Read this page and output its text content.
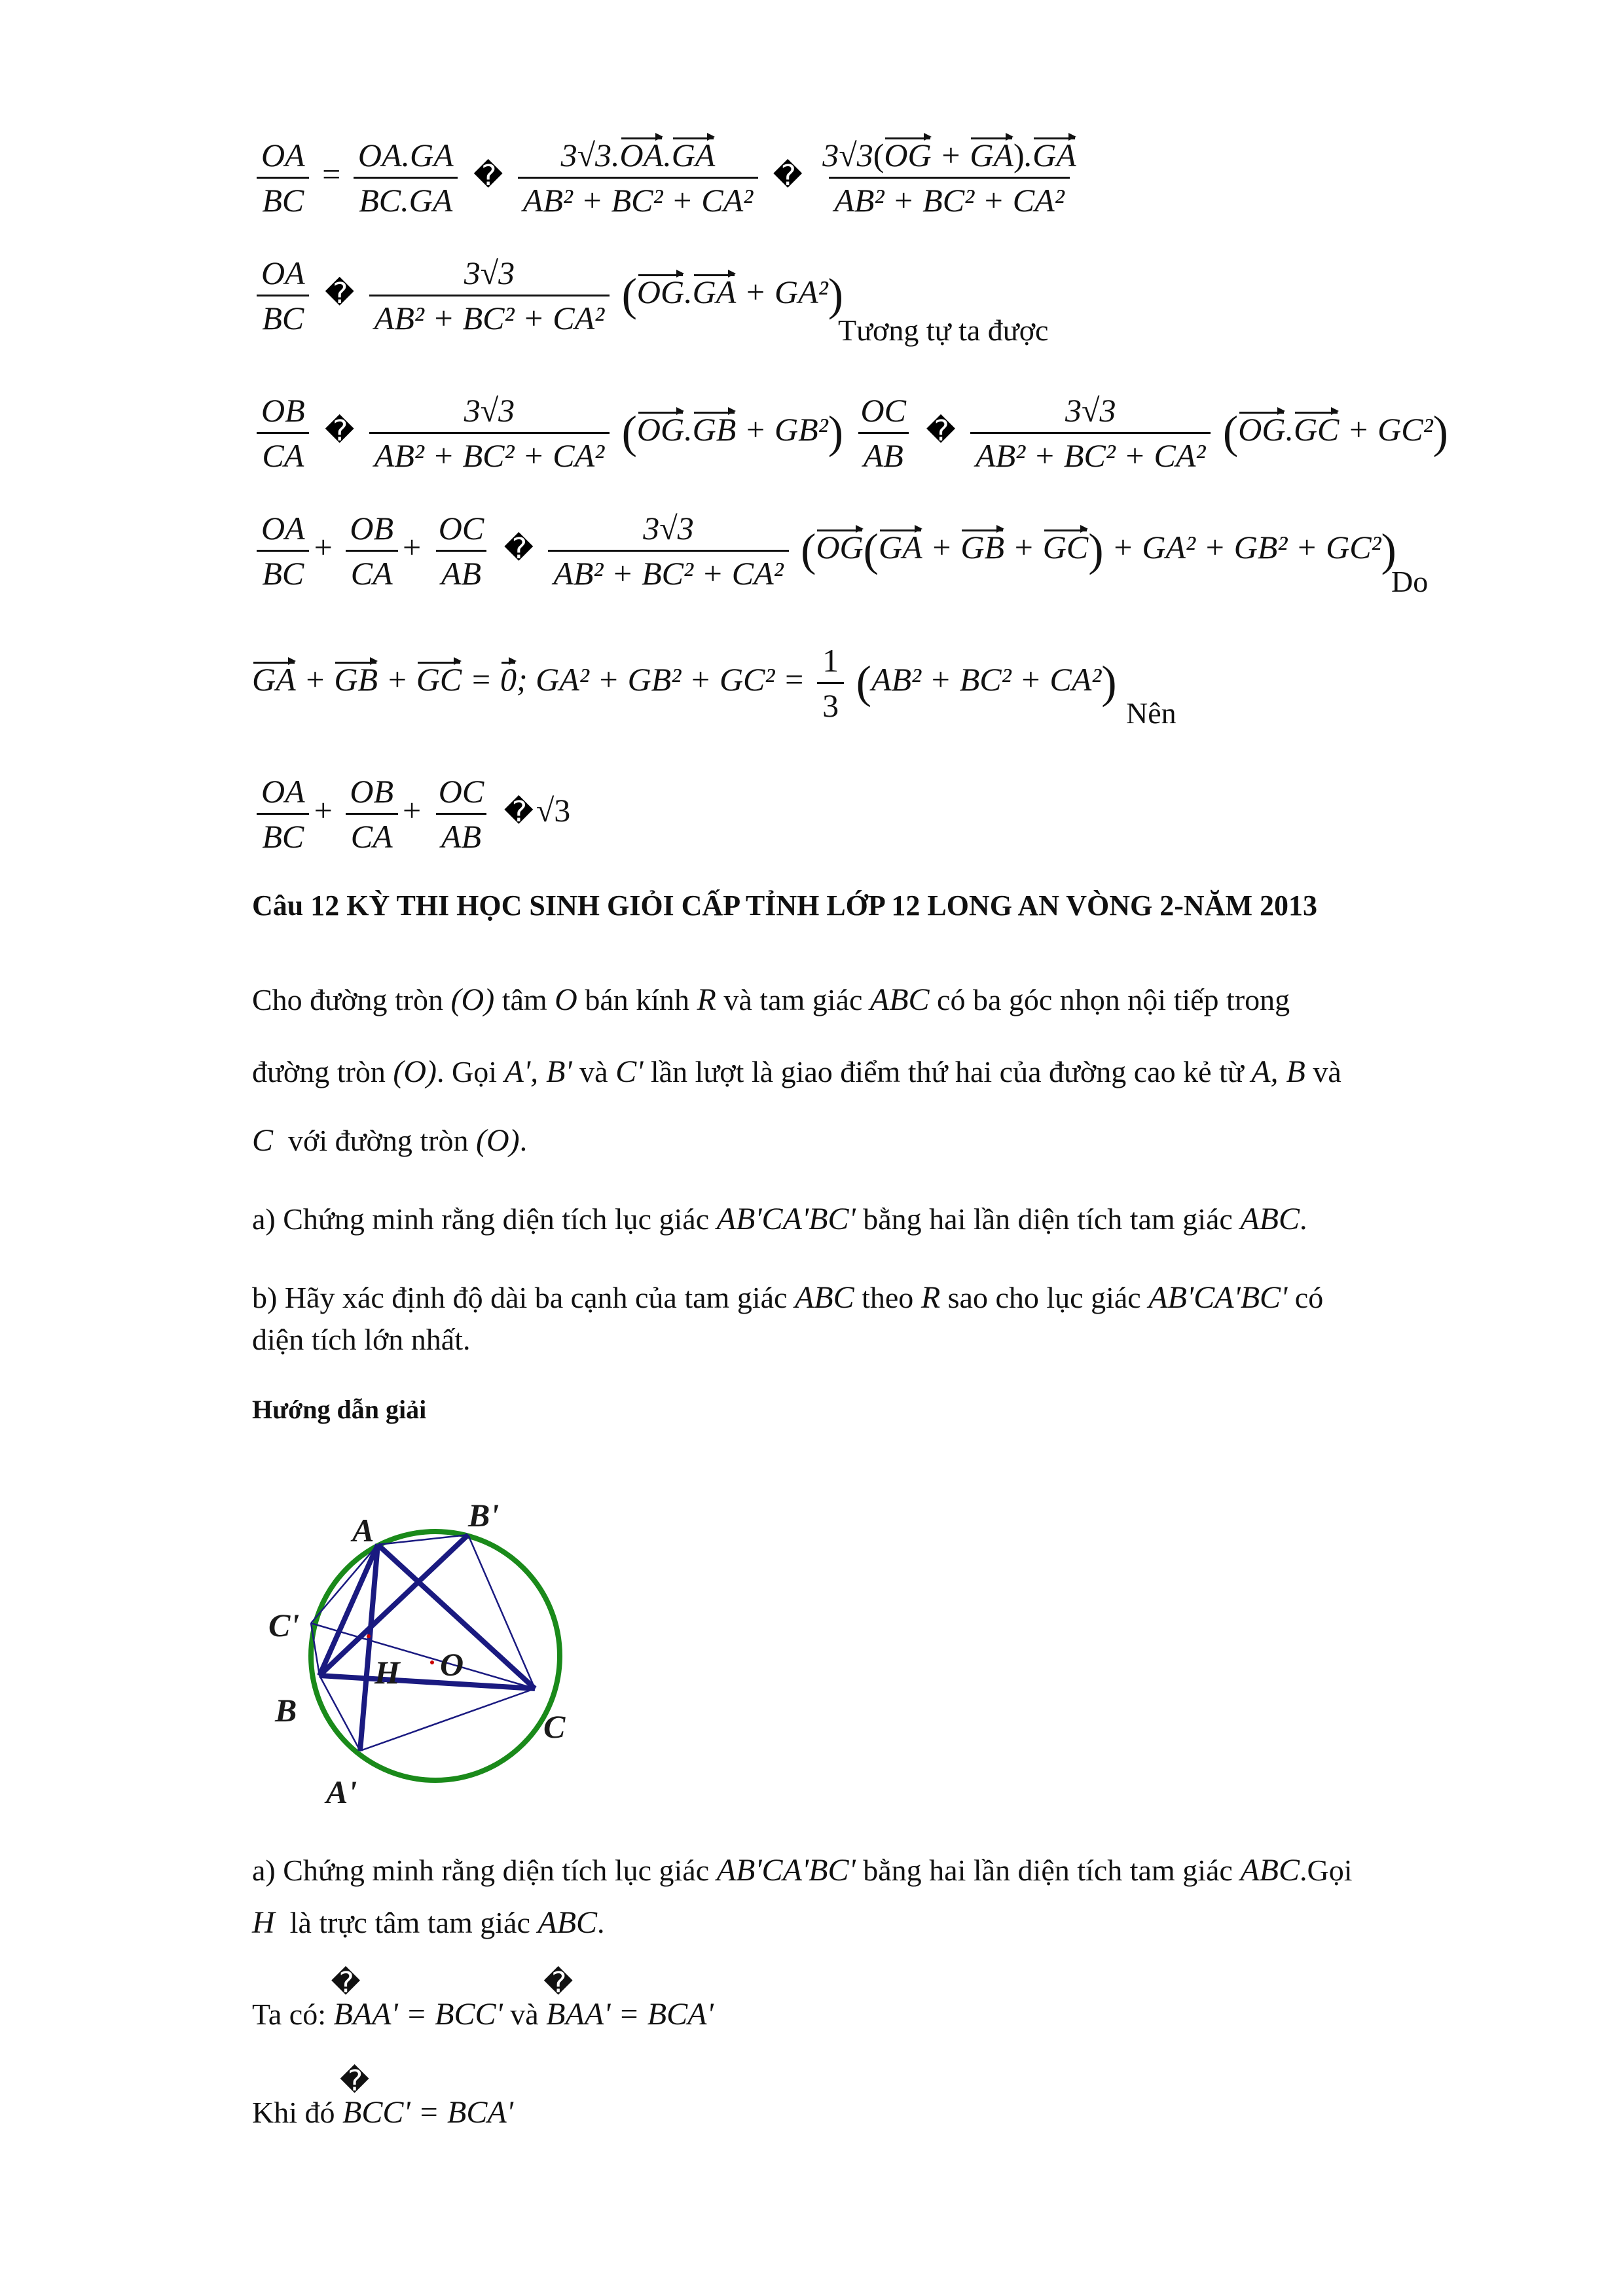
$\frac{OA}{BC} = \frac{OA.GA}{BC.GA}$ � $\frac{3√3.OA.GA}{\text{AB² + BC² + CA²}}$ � $\frac{3√3(OG + GA).GA}{\text{AB² + BC² + CA²}}$
$\frac{OA}{BC}$ � $\frac{3√3}{\text{AB² + BC² + CA²}} (OG.GA + GA^2)$
Tương tự ta được
$\frac{OB}{CA}$ � $\frac{3√3}{\text{AB² + BC² + CA²}} (OG.GB + GB^2) \frac{OC}{AB}$ � $\frac{3√3}{\text{AB² + BC² + CA²}} (OG.GC + GC^2)$
$\frac{OA}{BC} + \frac{OB}{CA} + \frac{OC}{AB}$ � $\frac{3√3}{\text{AB² + BC² + CA²}} (OG(GA$ + GB + GC) + GA² + GB² + GC²)
Do
GA + GB + GC = 0; $GA^2 + GB^2 + GC^2 = \frac{1}{3} (AB^2 + BC^2 + CA^2)$
Nên
$\frac{OA}{BC} + \frac{OB}{CA} + \frac{OC}{AB}$ �√3
Câu 12 KỲ THI HỌC SINH GIỎI CẤP TỈNH LỚP 12 LONG AN VÒNG 2-NĂM 2013
Cho đường tròn (O) tâm O bán kính R và tam giác ABC có ba góc nhọn nội tiếp trong
đường tròn (O). Gọi A', B' và C' lần lượt là giao điểm thứ hai của đường cao kẻ từ A, B và
C với đường tròn (O).
a) Chứng minh rằng diện tích lục giác AB'CA'BC' bằng hai lần diện tích tam giác ABC.
b) Hãy xác định độ dài ba cạnh của tam giác ABC theo R sao cho lục giác AB'CA'BC' có
diện tích lớn nhất.
Hướng dẫn giải
A	B'
C'
H O
B	C
A'
a) Chứng minh rằng diện tích lục giác AB'CA'BC' bằng hai lần diện tích tam giác ABC.Gọi
H là trực tâm tam giác ABC.
Ta có:
�
BAA' = BCC' và
�
BAA' = BCA'
Khi đó
�
BCC' = BCA'
